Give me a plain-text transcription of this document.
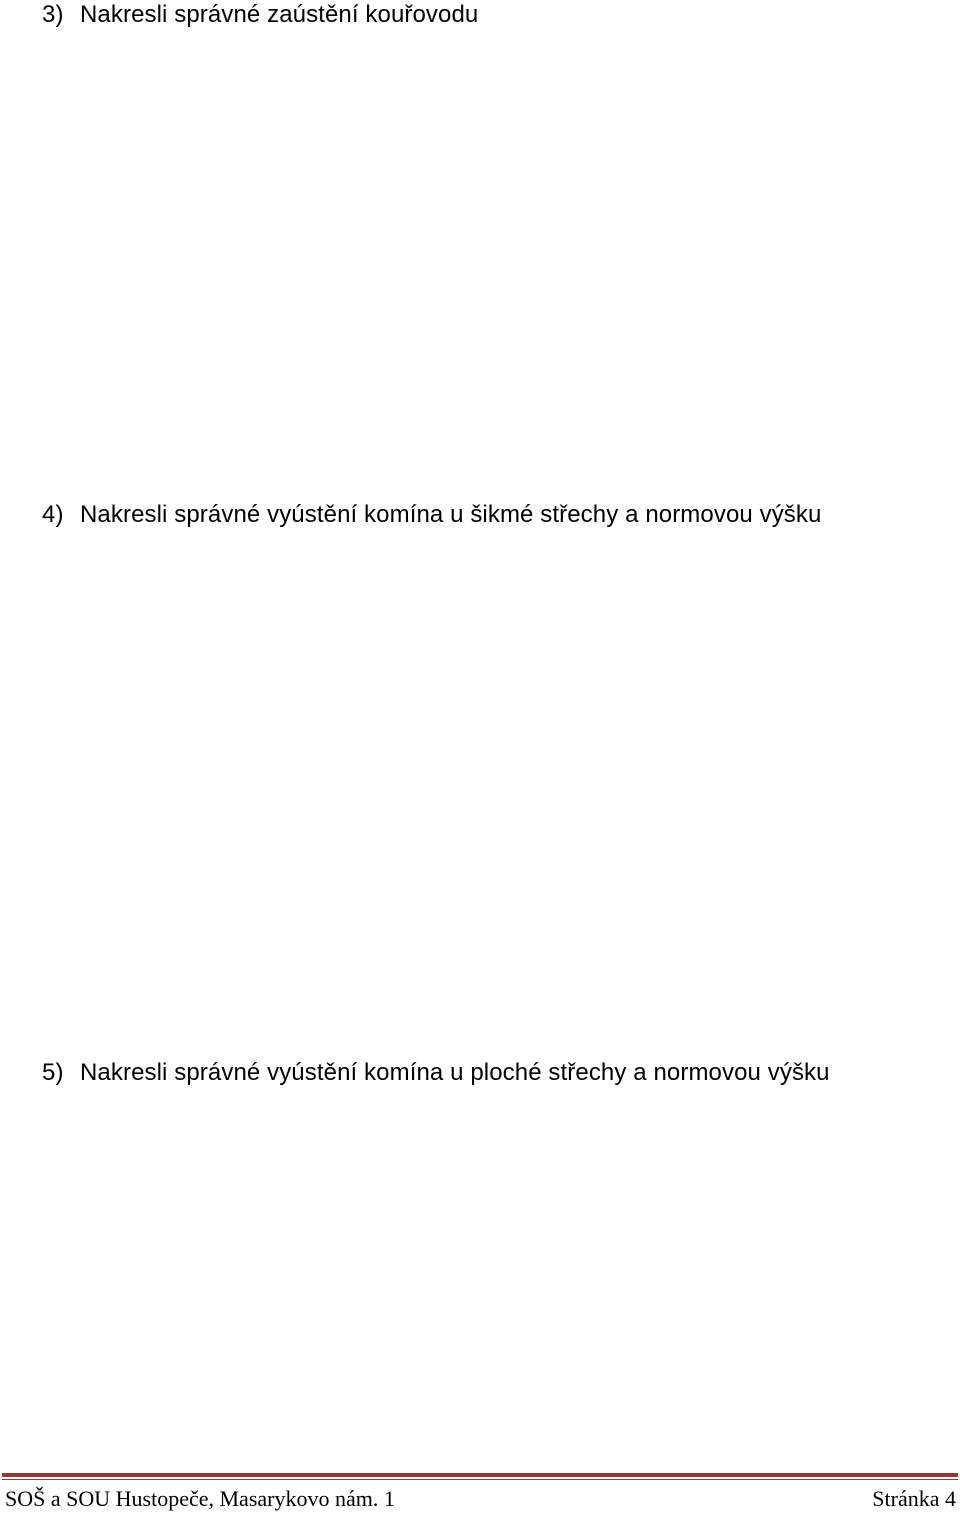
3) Nakresli správné zaústění kouřovodu
4) Nakresli správné vyústění komína u šikmé střechy a normovou výšku
5) Nakresli správné vyústění komína u ploché střechy a normovou výšku
SOŠ a SOU Hustopeče, Masarykovo nám. 1	Stránka 4
